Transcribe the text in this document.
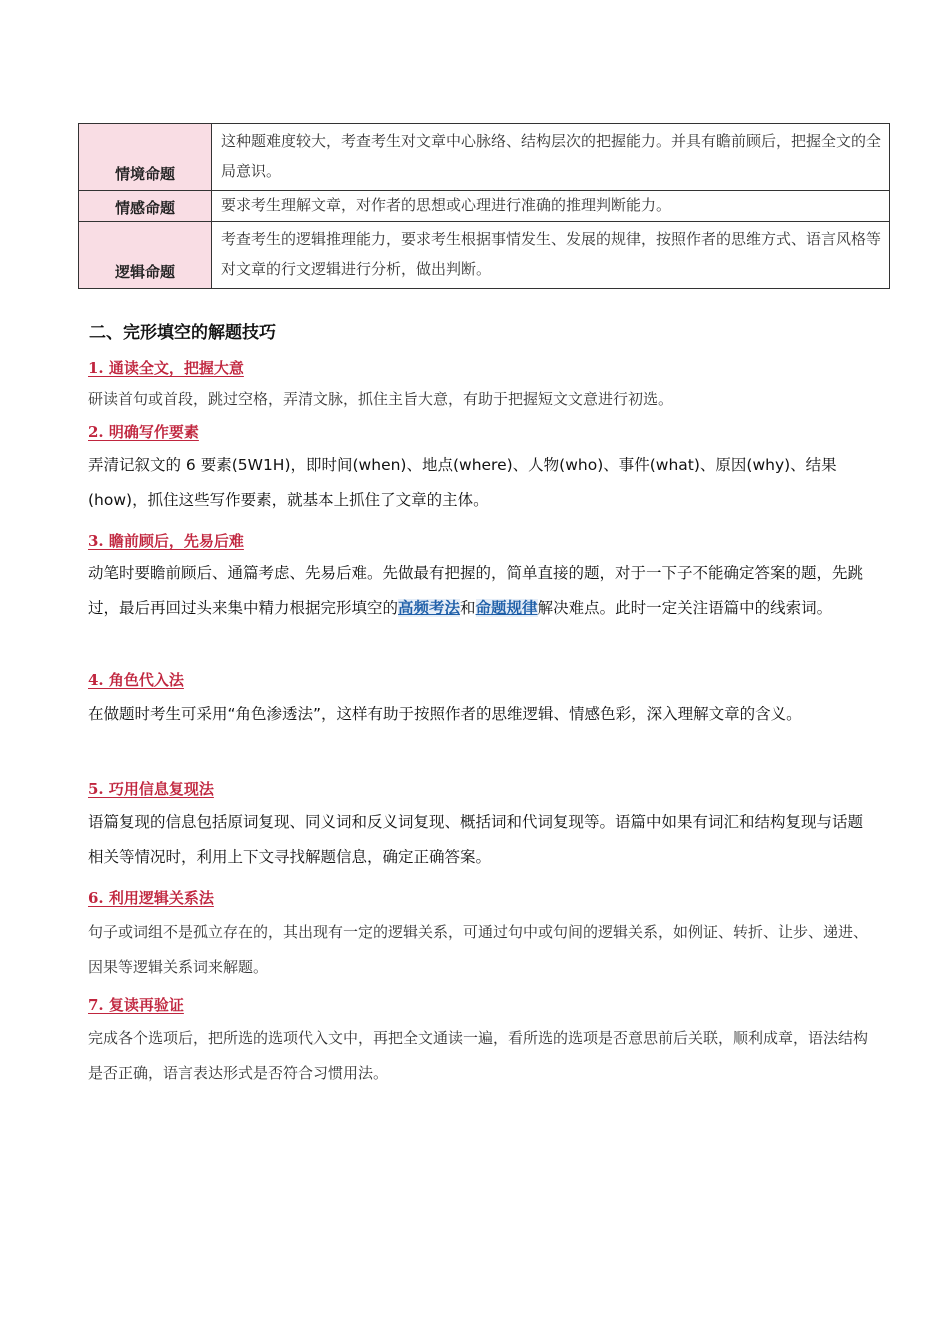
情境命题	这种题难度较大，考查考生对文章中心脉络、结构层次的把握能力。并具有瞻前顾后，把握全文的全局意识。
情感命题	要求考生理解文章，对作者的思想或心理进行准确的推理判断能力。
逻辑命题	考查考生的逻辑推理能力，要求考生根据事情发生、发展的规律，按照作者的思维方式、语言风格等对文章的行文逻辑进行分析，做出判断。
二、完形填空的解题技巧
1. 通读全文，把握大意
研读首句或首段，跳过空格，弄清文脉，抓住主旨大意，有助于把握短文文意进行初选。
2. 明确写作要素
弄清记叙文的 6 要素(5W1H)，即时间(when)、地点(where)、人物(who)、事件(what)、原因(why)、结果(how)，抓住这些写作要素，就基本上抓住了文章的主体。
3. 瞻前顾后，先易后难
动笔时要瞻前顾后、通篇考虑、先易后难。先做最有把握的，简单直接的题，对于一下子不能确定答案的题，先跳过，最后再回过头来集中精力根据完形填空的高频考法和命题规律解决难点。此时一定关注语篇中的线索词。
4. 角色代入法
在做题时考生可采用“角色渗透法”，这样有助于按照作者的思维逻辑、情感色彩，深入理解文章的含义。
5. 巧用信息复现法
语篇复现的信息包括原词复现、同义词和反义词复现、概括词和代词复现等。语篇中如果有词汇和结构复现与话题相关等情况时，利用上下文寻找解题信息，确定正确答案。
6. 利用逻辑关系法
句子或词组不是孤立存在的，其出现有一定的逻辑关系，可通过句中或句间的逻辑关系，如例证、转折、让步、递进、因果等逻辑关系词来解题。
7. 复读再验证
完成各个选项后，把所选的选项代入文中，再把全文通读一遍，看所选的选项是否意思前后关联，顺利成章，语法结构是否正确，语言表达形式是否符合习惯用法。
